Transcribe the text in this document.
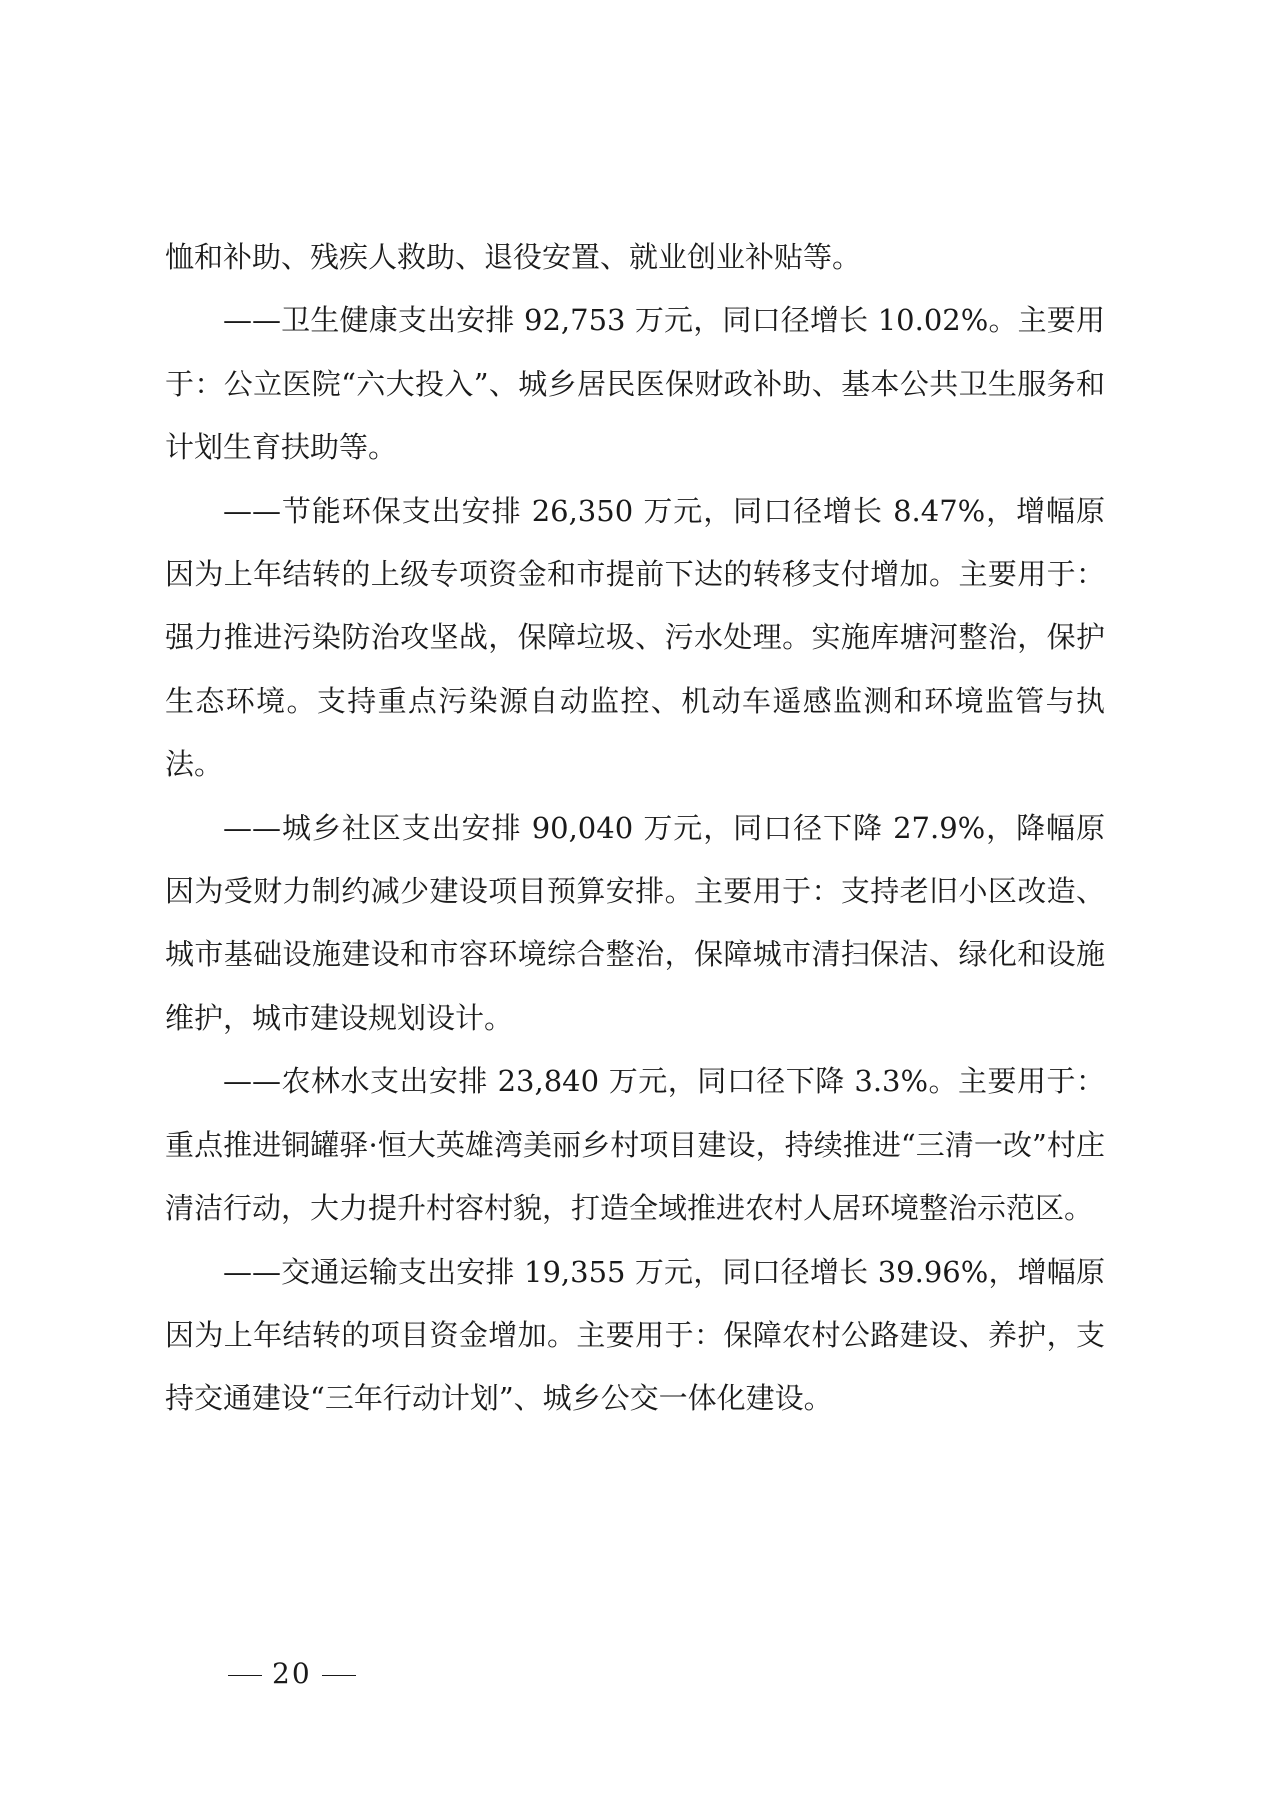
恤和补助、残疾人救助、退役安置、就业创业补贴等。

——卫生健康支出安排 92,753 万元，同口径增长 10.02%。主要用于：公立医院“六大投入”、城乡居民医保财政补助、基本公共卫生服务和计划生育扶助等。

——节能环保支出安排 26,350 万元，同口径增长 8.47%，增幅原因为上年结转的上级专项资金和市提前下达的转移支付增加。主要用于：强力推进污染防治攻坚战，保障垃圾、污水处理。实施库塘河整治，保护生态环境。支持重点污染源自动监控、机动车遥感监测和环境监管与执法。

——城乡社区支出安排 90,040 万元，同口径下降 27.9%，降幅原因为受财力制约减少建设项目预算安排。主要用于：支持老旧小区改造、城市基础设施建设和市容环境综合整治，保障城市清扫保洁、绿化和设施维护，城市建设规划设计。

——农林水支出安排 23,840 万元，同口径下降 3.3%。主要用于：重点推进铜罐驿·恒大英雄湾美丽乡村项目建设，持续推进“三清一改”村庄清洁行动，大力提升村容村貌，打造全域推进农村人居环境整治示范区。

——交通运输支出安排 19,355 万元，同口径增长 39.96%，增幅原因为上年结转的项目资金增加。主要用于：保障农村公路建设、养护，支持交通建设“三年行动计划”、城乡公交一体化建设。

20
